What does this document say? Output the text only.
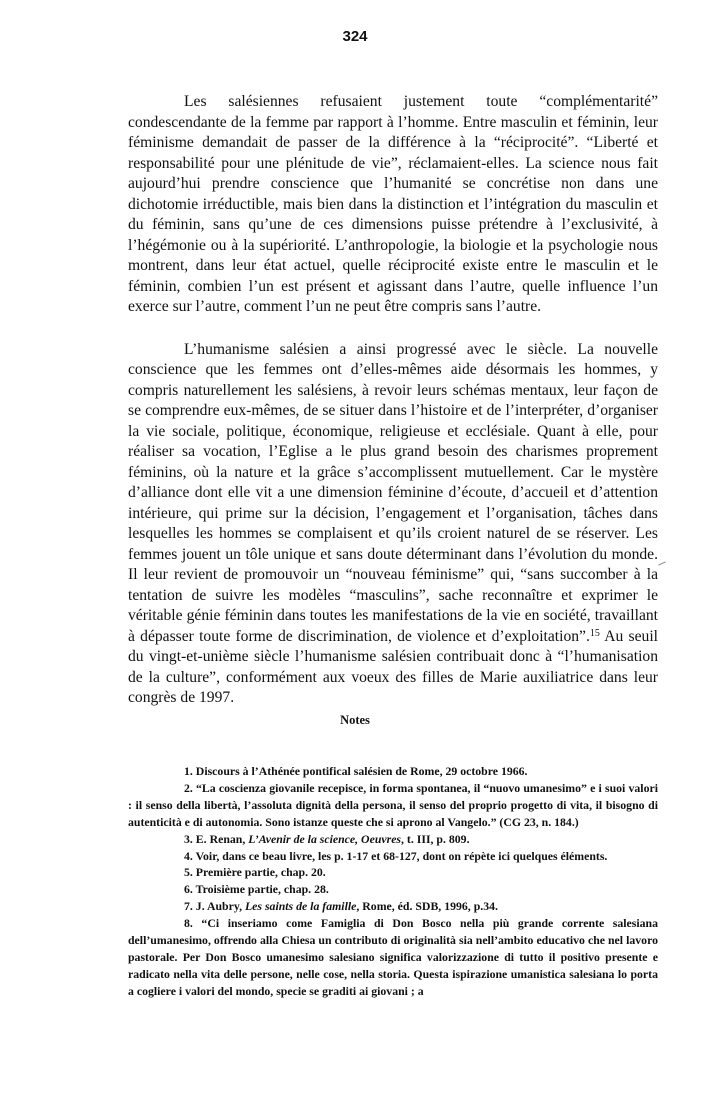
324

Les salésiennes refusaient justement toute “complémentarité” condescendante de la femme par rapport à l’homme. Entre masculin et féminin, leur féminisme demandait de passer de la différence à la “réciprocité”. “Liberté et responsabilité pour une plénitude de vie”, réclamaient-elles. La science nous fait aujourd’hui prendre conscience que l’humanité se concrétise non dans une dichotomie irréductible, mais bien dans la distinction et l’intégration du masculin et du féminin, sans qu’une de ces dimensions puisse prétendre à l’exclusivité, à l’hégémonie ou à la supériorité. L’anthropologie, la biologie et la psychologie nous montrent, dans leur état actuel, quelle réciprocité existe entre le masculin et le féminin, combien l’un est présent et agissant dans l’autre, quelle influence l’un exerce sur l’autre, comment l’un ne peut être compris sans l’autre.

L’humanisme salésien a ainsi progressé avec le siècle. La nouvelle conscience que les femmes ont d’elles-mêmes aide désormais les hommes, y compris naturellement les salésiens, à revoir leurs schémas mentaux, leur façon de se comprendre eux-mêmes, de se situer dans l’histoire et de l’interpréter, d’organiser la vie sociale, politique, économique, religieuse et ecclésiale. Quant à elle, pour réaliser sa vocation, l’Eglise a le plus grand besoin des charismes proprement féminins, où la nature et la grâce s’accomplissent mutuellement. Car le mystère d’alliance dont elle vit a une dimension féminine d’écoute, d’accueil et d’attention intérieure, qui prime sur la décision, l’engagement et l’organisation, tâches dans lesquelles les hommes se complaisent et qu’ils croient naturel de se réserver. Les femmes jouent un tôle unique et sans doute déterminant dans l’évolution du monde. Il leur revient de promouvoir un “nouveau féminisme” qui, “sans succomber à la tentation de suivre les modèles “masculins”, sache reconnaître et exprimer le véritable génie féminin dans toutes les manifestations de la vie en société, travaillant à dépasser toute forme de discrimination, de violence et d’exploitation”.$^{15}$ Au seuil du vingt-et-unième siècle l’humanisme salésien contribuait donc à “l’humanisation de la culture”, conformément aux voeux des filles de Marie auxiliatrice dans leur congrès de 1997.

Notes

1. Discours à l’Athénée pontifical salésien de Rome, 29 octobre 1966.

2. “La coscienza giovanile recepisce, in forma spontanea, il “nuovo umanesimo” e i suoi valori : il senso della libertà, l’assoluta dignità della persona, il senso del proprio progetto di vita, il bisogno di autenticità e di autonomia. Sono istanze queste che si aprono al Vangelo.” (CG 23, n. 184.)

3. E. Renan, L’Avenir de la science, Oeuvres, t. III, p. 809.

4. Voir, dans ce beau livre, les p. 1-17 et 68-127, dont on répète ici quelques éléments.

5. Première partie, chap. 20.

6. Troisième partie, chap. 28.

7. J. Aubry, Les saints de la famille, Rome, éd. SDB, 1996, p.34.

8. “Ci inseriamo come Famiglia di Don Bosco nella più grande corrente salesiana dell’umanesimo, offrendo alla Chiesa un contributo di originalità sia nell’ambito educativo che nel lavoro pastorale. Per Don Bosco umanesimo salesiano significa valorizzazione di tutto il positivo presente e radicato nella vita delle persone, nelle cose, nella storia. Questa ispirazione umanistica salesiana lo porta a cogliere i valori del mondo, specie se graditi ai giovani ; a
